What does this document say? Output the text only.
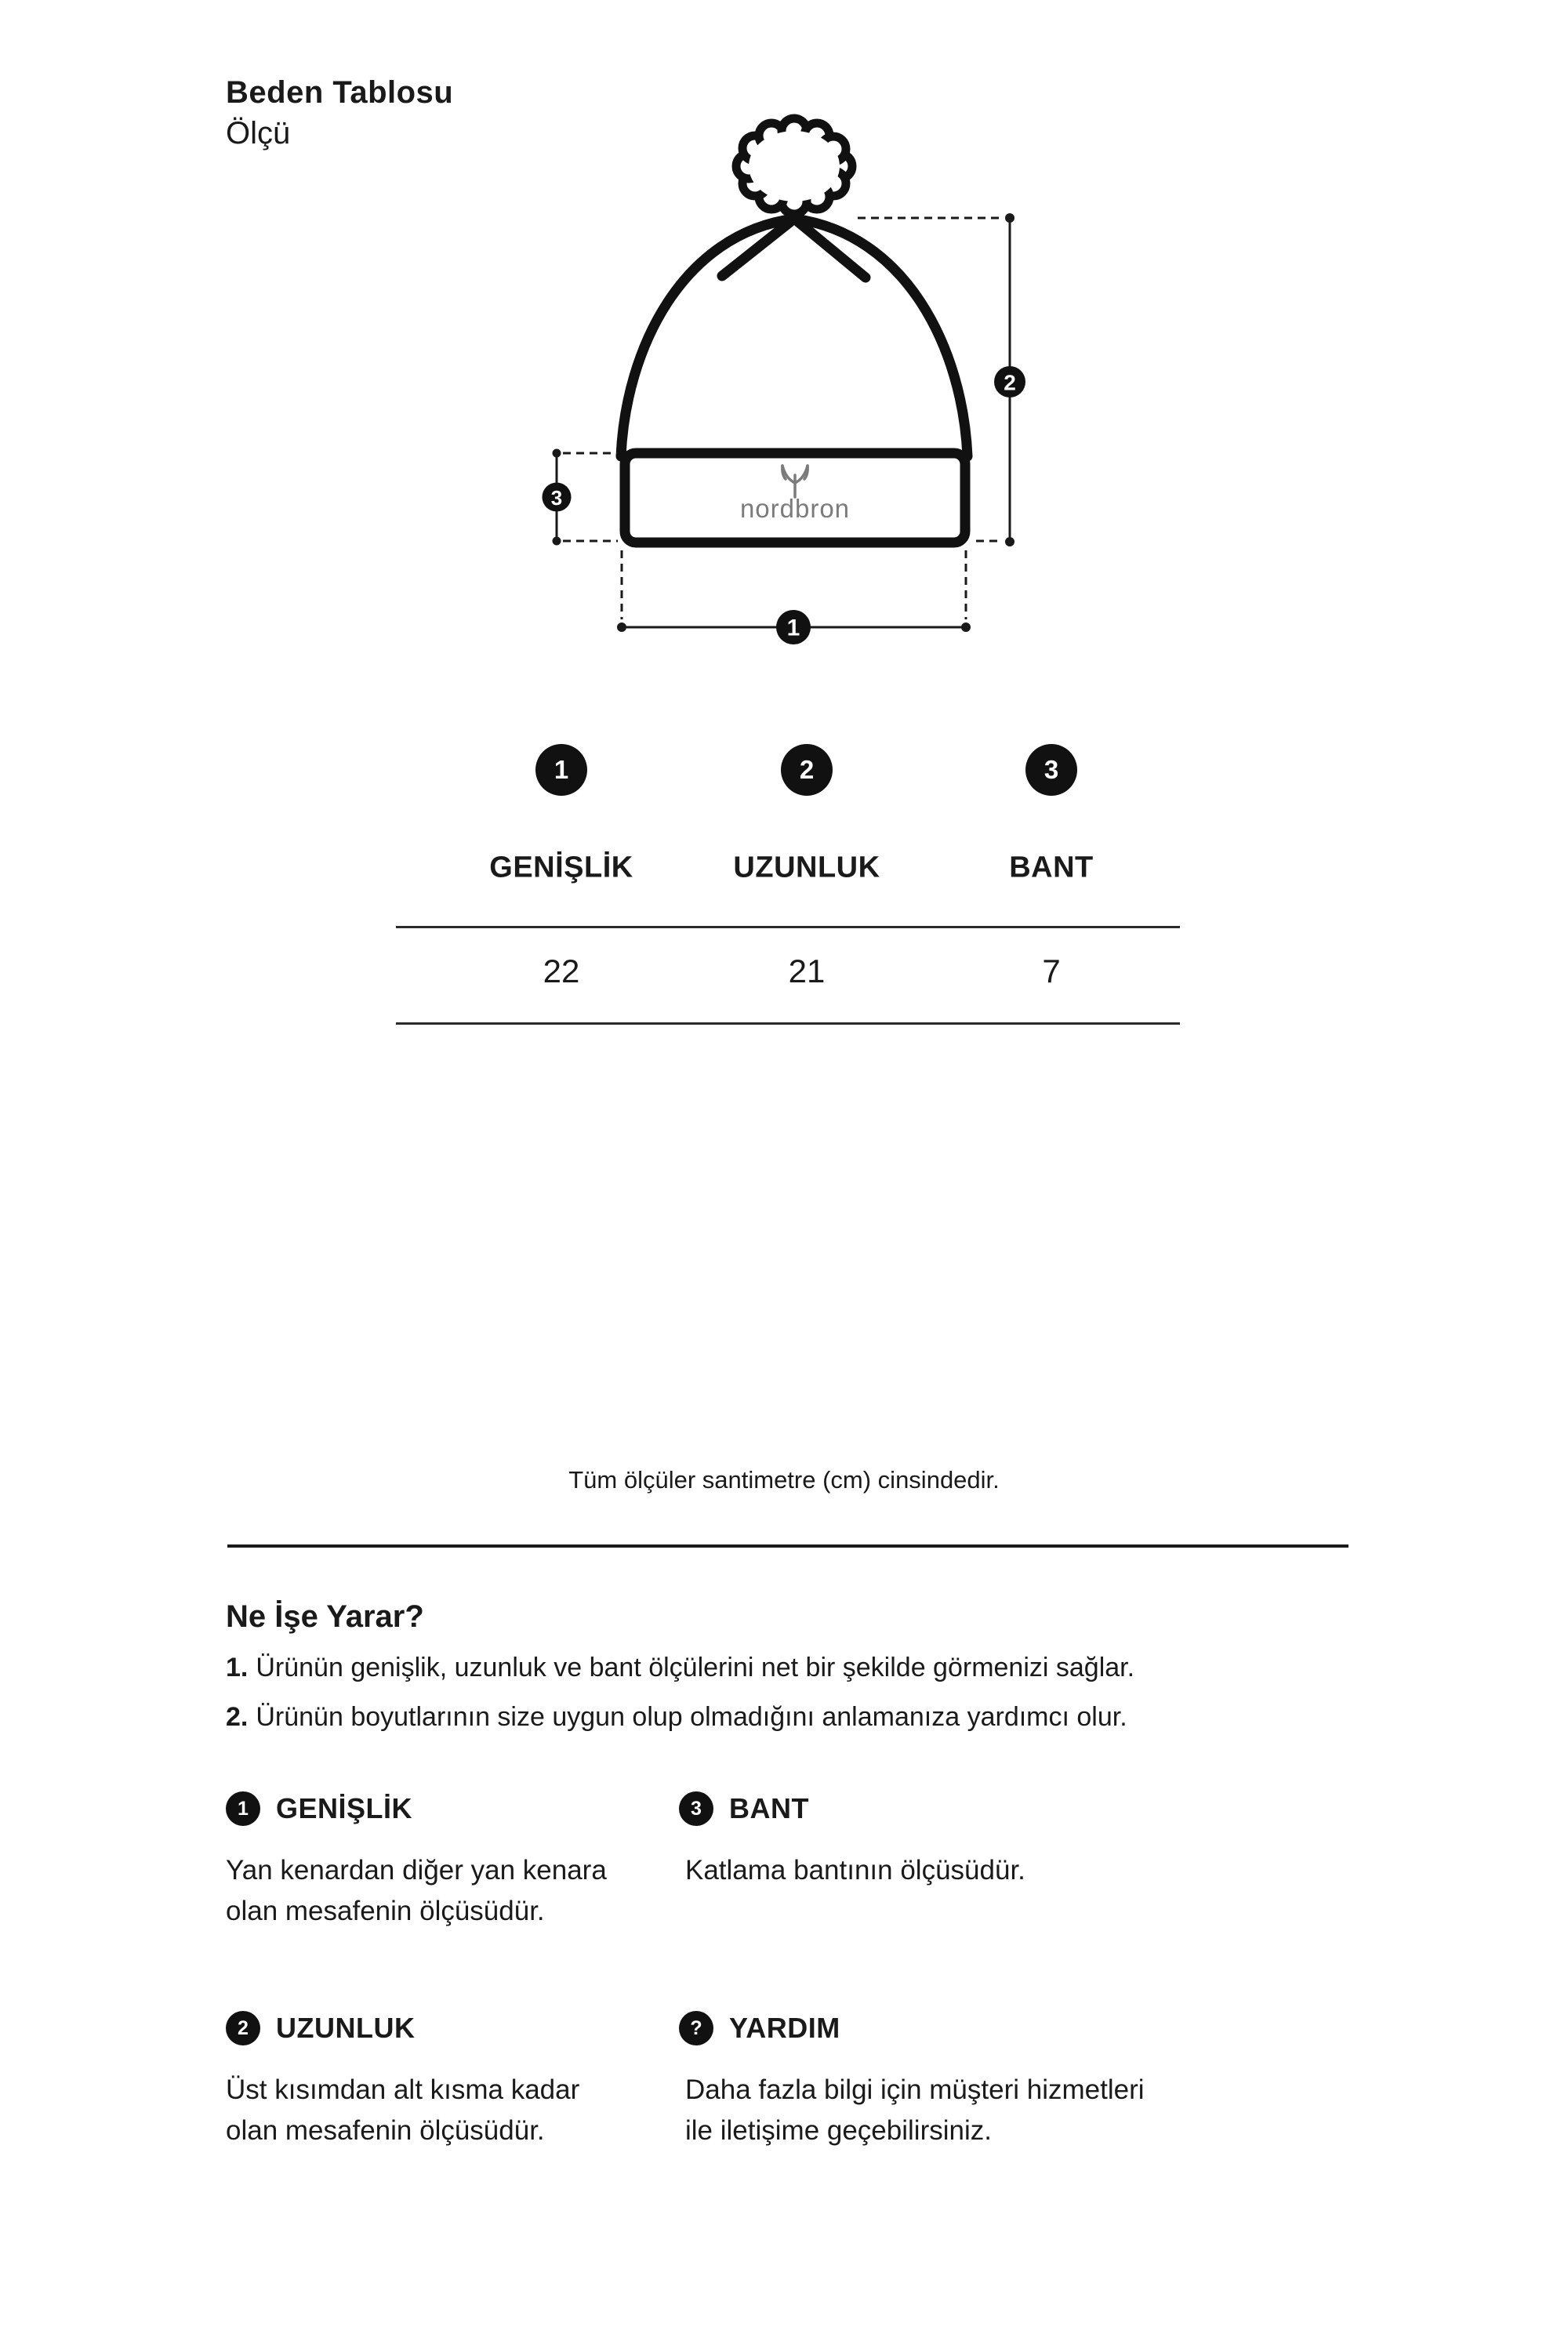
Beden Tablosu
Ölçü
nordbron
2
3
1
1	2	3
GENİŞLİK	UZUNLUK	BANT
22	21	7
Tüm ölçüler santimetre (cm) cinsindedir.
Ne İşe Yarar?
1. Ürünün genişlik, uzunluk ve bant ölçülerini net bir şekilde görmenizi sağlar.
2. Ürünün boyutlarının size uygun olup olmadığını anlamanıza yardımcı olur.
1 GENİŞLİK
Yan kenardan diğer yan kenara
olan mesafenin ölçüsüdür.
3 BANT
Katlama bantının ölçüsüdür.
2 UZUNLUK
Üst kısımdan alt kısma kadar
olan mesafenin ölçüsüdür.
? YARDIM
Daha fazla bilgi için müşteri hizmetleri
ile iletişime geçebilirsiniz.
